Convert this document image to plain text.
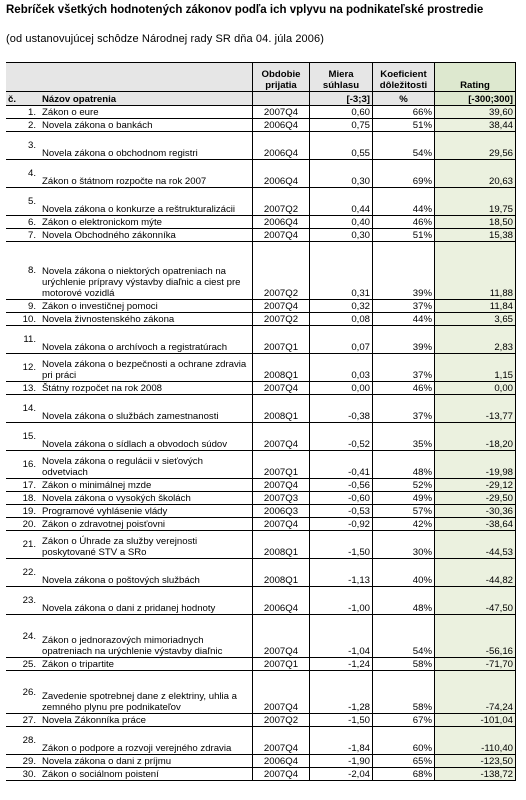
Rebríček všetkých hodnotených zákonov podľa ich vplyvu na podnikateľské prostredie
(od ustanovujúcej schôdze Národnej rady SR dňa 04. júla 2006)
		Obdobie prijatia	Miera súhlasu	Koeficient dôležitosti	Rating
č.	Názov opatrenia		[-3;3]	%	[-300;300]
1.	Zákon o eure	2007Q4	0,60	66%	39,60
2.	Novela zákona o bankách	2006Q4	0,75	51%	38,44
3.	Novela zákona o obchodnom registri	2006Q4	0,55	54%	29,56
4.	Zákon o štátnom rozpočte na rok 2007	2006Q4	0,30	69%	20,63
5.	Novela zákona o konkurze a reštrukturalizácii	2007Q2	0,44	44%	19,75
6.	Zákon o elektronickom mýte	2006Q4	0,40	46%	18,50
7.	Novela Obchodného zákonníka	2007Q4	0,30	51%	15,38
8.	Novela zákona o niektorých opatreniach na urýchlenie prípravy výstavby diaľnic a ciest pre motorové vozidlá	2007Q2	0,31	39%	11,88
9.	Zákon o investičnej pomoci	2007Q4	0,32	37%	11,84
10.	Novela živnostenského zákona	2007Q2	0,08	44%	3,65
11.	Novela zákona o archívoch a registratúrach	2007Q1	0,07	39%	2,83
12.	Novela zákona o bezpečnosti a ochrane zdravia pri práci	2008Q1	0,03	37%	1,15
13.	Štátny rozpočet na rok 2008	2007Q4	0,00	46%	0,00
14.	Novela zákona o službách zamestnanosti	2008Q1	-0,38	37%	-13,77
15.	Novela zákona o sídlach a obvodoch súdov	2007Q4	-0,52	35%	-18,20
16.	Novela zákona o regulácii v sieťových odvetviach	2007Q1	-0,41	48%	-19,98
17.	Zákon o minimálnej mzde	2007Q4	-0,56	52%	-29,12
18.	Novela zákona o vysokých školách	2007Q3	-0,60	49%	-29,50
19.	Programové vyhlásenie vlády	2006Q3	-0,53	57%	-30,36
20.	Zákon o zdravotnej poisťovni	2007Q4	-0,92	42%	-38,64
21.	Zákon o Úhrade za služby verejnosti poskytované STV a SRo	2008Q1	-1,50	30%	-44,53
22.	Novela zákona o poštových službách	2008Q1	-1,13	40%	-44,82
23.	Novela zákona o dani z pridanej hodnoty	2006Q4	-1,00	48%	-47,50
24.	Zákon o jednorazových mimoriadnych opatreniach na urýchlenie výstavby diaľnic	2007Q4	-1,04	54%	-56,16
25.	Zákon o tripartite	2007Q1	-1,24	58%	-71,70
26.	Zavedenie spotrebnej dane z elektriny, uhlia a zemného plynu pre podnikateľov	2007Q4	-1,28	58%	-74,24
27.	Novela Zákonníka práce	2007Q2	-1,50	67%	-101,04
28.	Zákon o podpore a rozvoji verejného zdravia	2007Q4	-1,84	60%	-110,40
29.	Novela zákona o dani z príjmu	2006Q4	-1,90	65%	-123,50
30.	Zákon o sociálnom poistení	2007Q4	-2,04	68%	-138,72
